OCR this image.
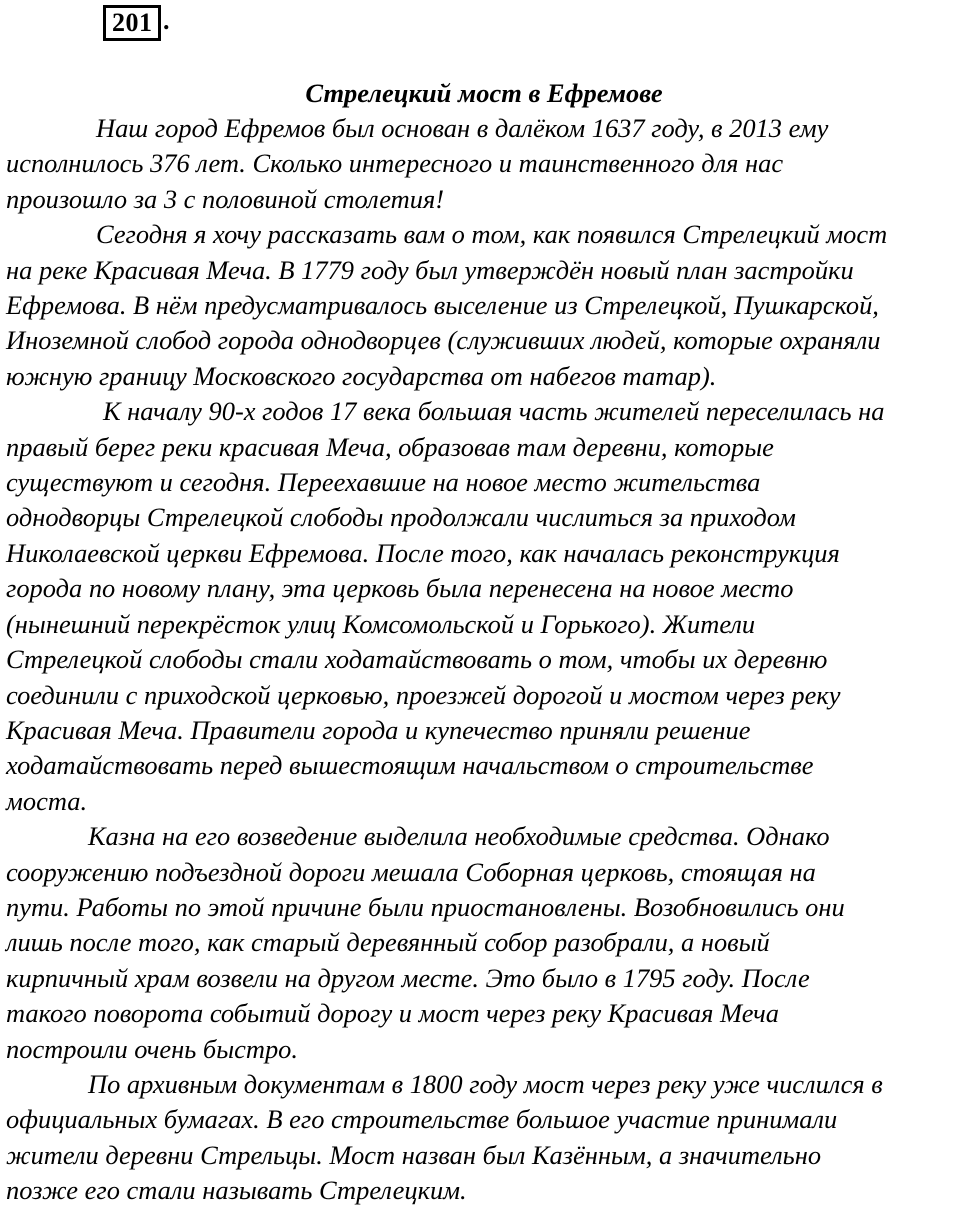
201 .
Стрелецкий мост в Ефремове
Наш город Ефремов был основан в далёком 1637 году, в 2013 ему
исполнилось 376 лет. Сколько интересного и таинственного для нас
произошло за 3 с половиной столетия!
Сегодня я хочу рассказать вам о том, как появился Стрелецкий мост
на реке Красивая Меча. В 1779 году был утверждён новый план застройки
Ефремова. В нём предусматривалось выселение из Стрелецкой, Пушкарской,
Иноземной слобод города однодворцев (служивших людей, которые охраняли
южную границу Московского государства от набегов татар).
К началу 90-х годов 17 века большая часть жителей переселилась на
правый берег реки красивая Меча, образовав там деревни, которые
существуют и сегодня. Переехавшие на новое место жительства
однодворцы Стрелецкой слободы продолжали числиться за приходом
Николаевской церкви Ефремова. После того, как началась реконструкция
города по новому плану, эта церковь была перенесена на новое место
(нынешний перекрёсток улиц Комсомольской и Горького). Жители
Стрелецкой слободы стали ходатайствовать о том, чтобы их деревню
соединили с приходской церковью, проезжей дорогой и мостом через реку
Красивая Меча. Правители города и купечество приняли решение
ходатайствовать перед вышестоящим начальством о строительстве
моста.
Казна на его возведение выделила необходимые средства. Однако
сооружению подъездной дороги мешала Соборная церковь, стоящая на
пути. Работы по этой причине были приостановлены. Возобновились они
лишь после того, как старый деревянный собор разобрали, а новый
кирпичный храм возвели на другом месте. Это было в 1795 году. После
такого поворота событий дорогу и мост через реку Красивая Меча
построили очень быстро.
По архивным документам в 1800 году мост через реку уже числился в
официальных бумагах. В его строительстве большое участие принимали
жители деревни Стрельцы. Мост назван был Казённым, а значительно
позже его стали называть Стрелецким.
